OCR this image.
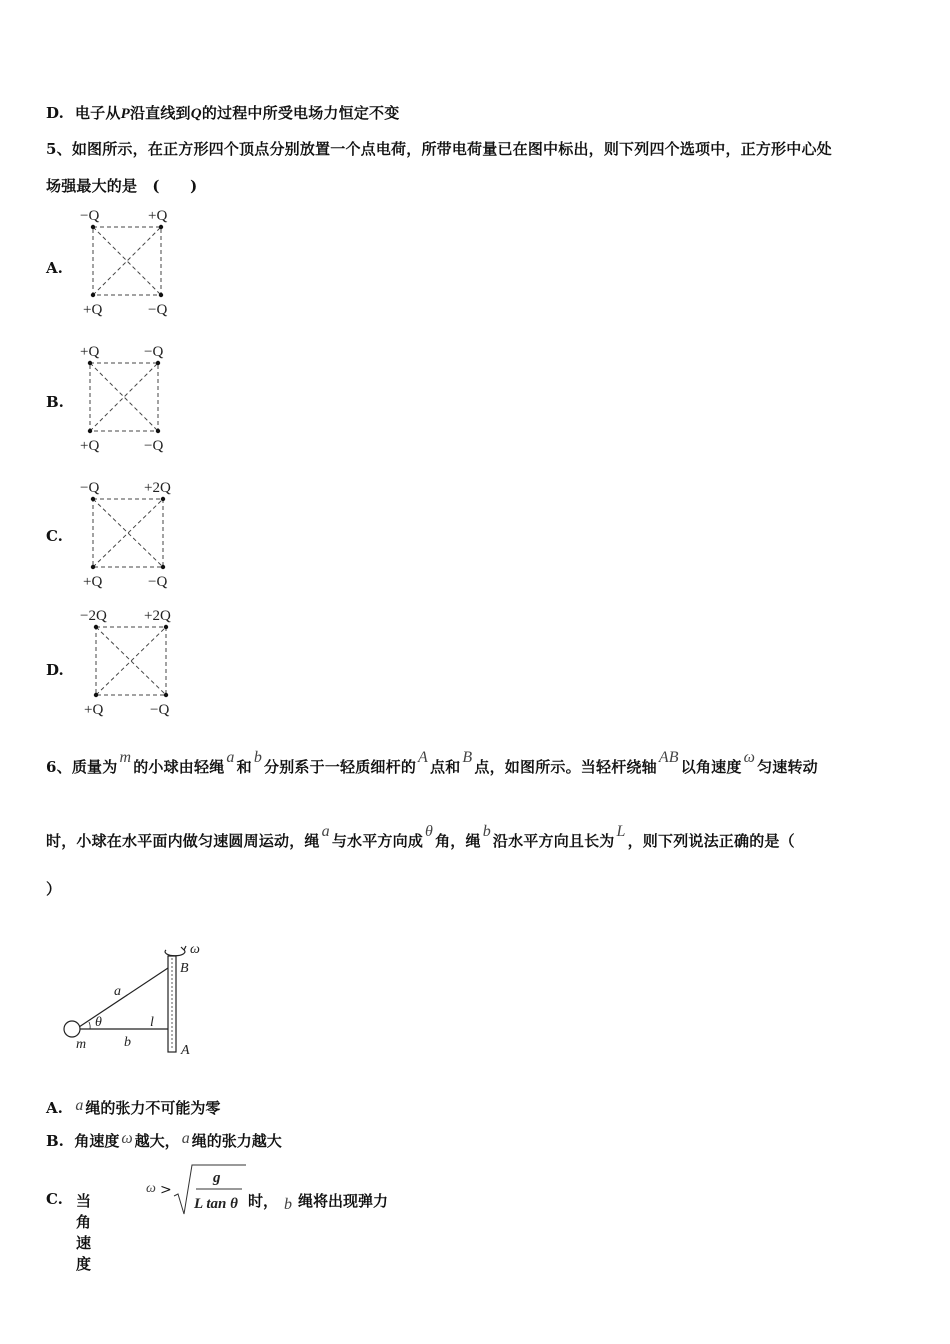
D. 电子从P沿直线到Q的过程中所受电场力恒定不变
5、如图所示，在正方形四个顶点分别放置一个点电荷，所带电荷量已在图中标出，则下列四个选项中，正方形中心处
场强最大的是　(　　)
A.
−Q	+Q
+Q	−Q
B.
+Q	−Q
+Q	−Q
C.
−Q	+2Q
+Q	−Q
D.
−2Q +2Q
+Q	−Q
6、质量为m的小球由轻绳a和b分别系于一轻质细杆的A点和B点，如图所示。当轻杆绕轴AB以角速度ω匀速转动
时，小球在水平面内做匀速圆周运动，绳a与水平方向成θ角，绳b沿水平方向且长为L，则下列说法正确的是（
）
ω
B
A
a
θ	l
b
m
A. a 绳的张力不可能为零
B. 角速度 ω 越大， a 绳的张力越大
C. 当角速度
ω >
g
L tan θ 时， b 绳将出现弹力
